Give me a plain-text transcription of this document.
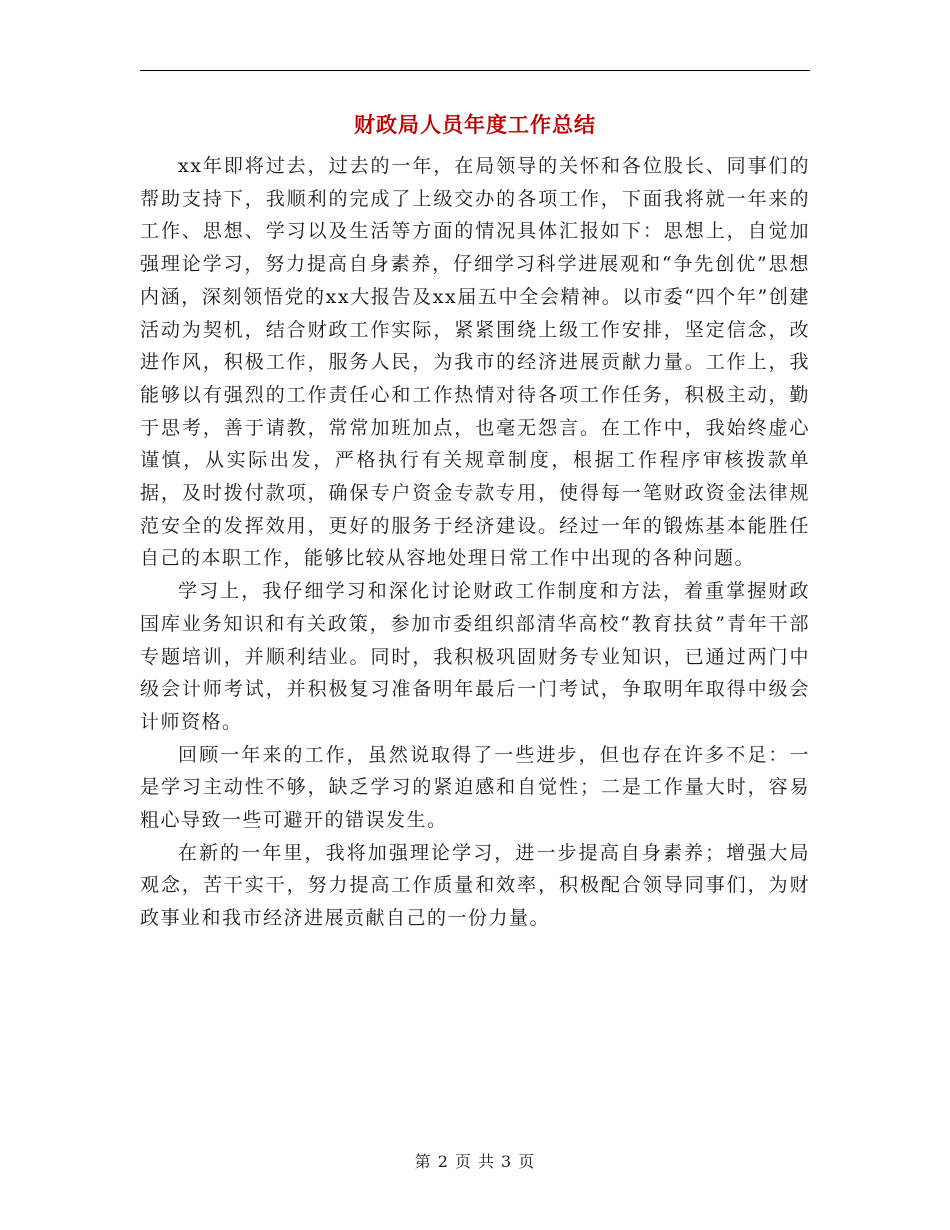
财政局人员年度工作总结

xx年即将过去，过去的一年，在局领导的关怀和各位股长、同事们的帮助支持下，我顺利的完成了上级交办的各项工作，下面我将就一年来的工作、思想、学习以及生活等方面的情况具体汇报如下：思想上，自觉加强理论学习，努力提高自身素养，仔细学习科学进展观和“争先创优”思想内涵，深刻领悟党的xx大报告及xx届五中全会精神。以市委“四个年”创建活动为契机，结合财政工作实际，紧紧围绕上级工作安排，坚定信念，改进作风，积极工作，服务人民，为我市的经济进展贡献力量。工作上，我能够以有强烈的工作责任心和工作热情对待各项工作任务，积极主动，勤于思考，善于请教，常常加班加点，也毫无怨言。在工作中，我始终虚心谨慎，从实际出发，严格执行有关规章制度，根据工作程序审核拨款单据，及时拨付款项，确保专户资金专款专用，使得每一笔财政资金法律规范安全的发挥效用，更好的服务于经济建设。经过一年的锻炼基本能胜任自己的本职工作，能够比较从容地处理日常工作中出现的各种问题。

学习上，我仔细学习和深化讨论财政工作制度和方法，着重掌握财政国库业务知识和有关政策，参加市委组织部清华高校“教育扶贫”青年干部专题培训，并顺利结业。同时，我积极巩固财务专业知识，已通过两门中级会计师考试，并积极复习准备明年最后一门考试，争取明年取得中级会计师资格。

回顾一年来的工作，虽然说取得了一些进步，但也存在许多不足：一是学习主动性不够，缺乏学习的紧迫感和自觉性；二是工作量大时，容易粗心导致一些可避开的错误发生。

在新的一年里，我将加强理论学习，进一步提高自身素养；增强大局观念，苦干实干，努力提高工作质量和效率，积极配合领导同事们，为财政事业和我市经济进展贡献自己的一份力量。

第 2 页 共 3 页
